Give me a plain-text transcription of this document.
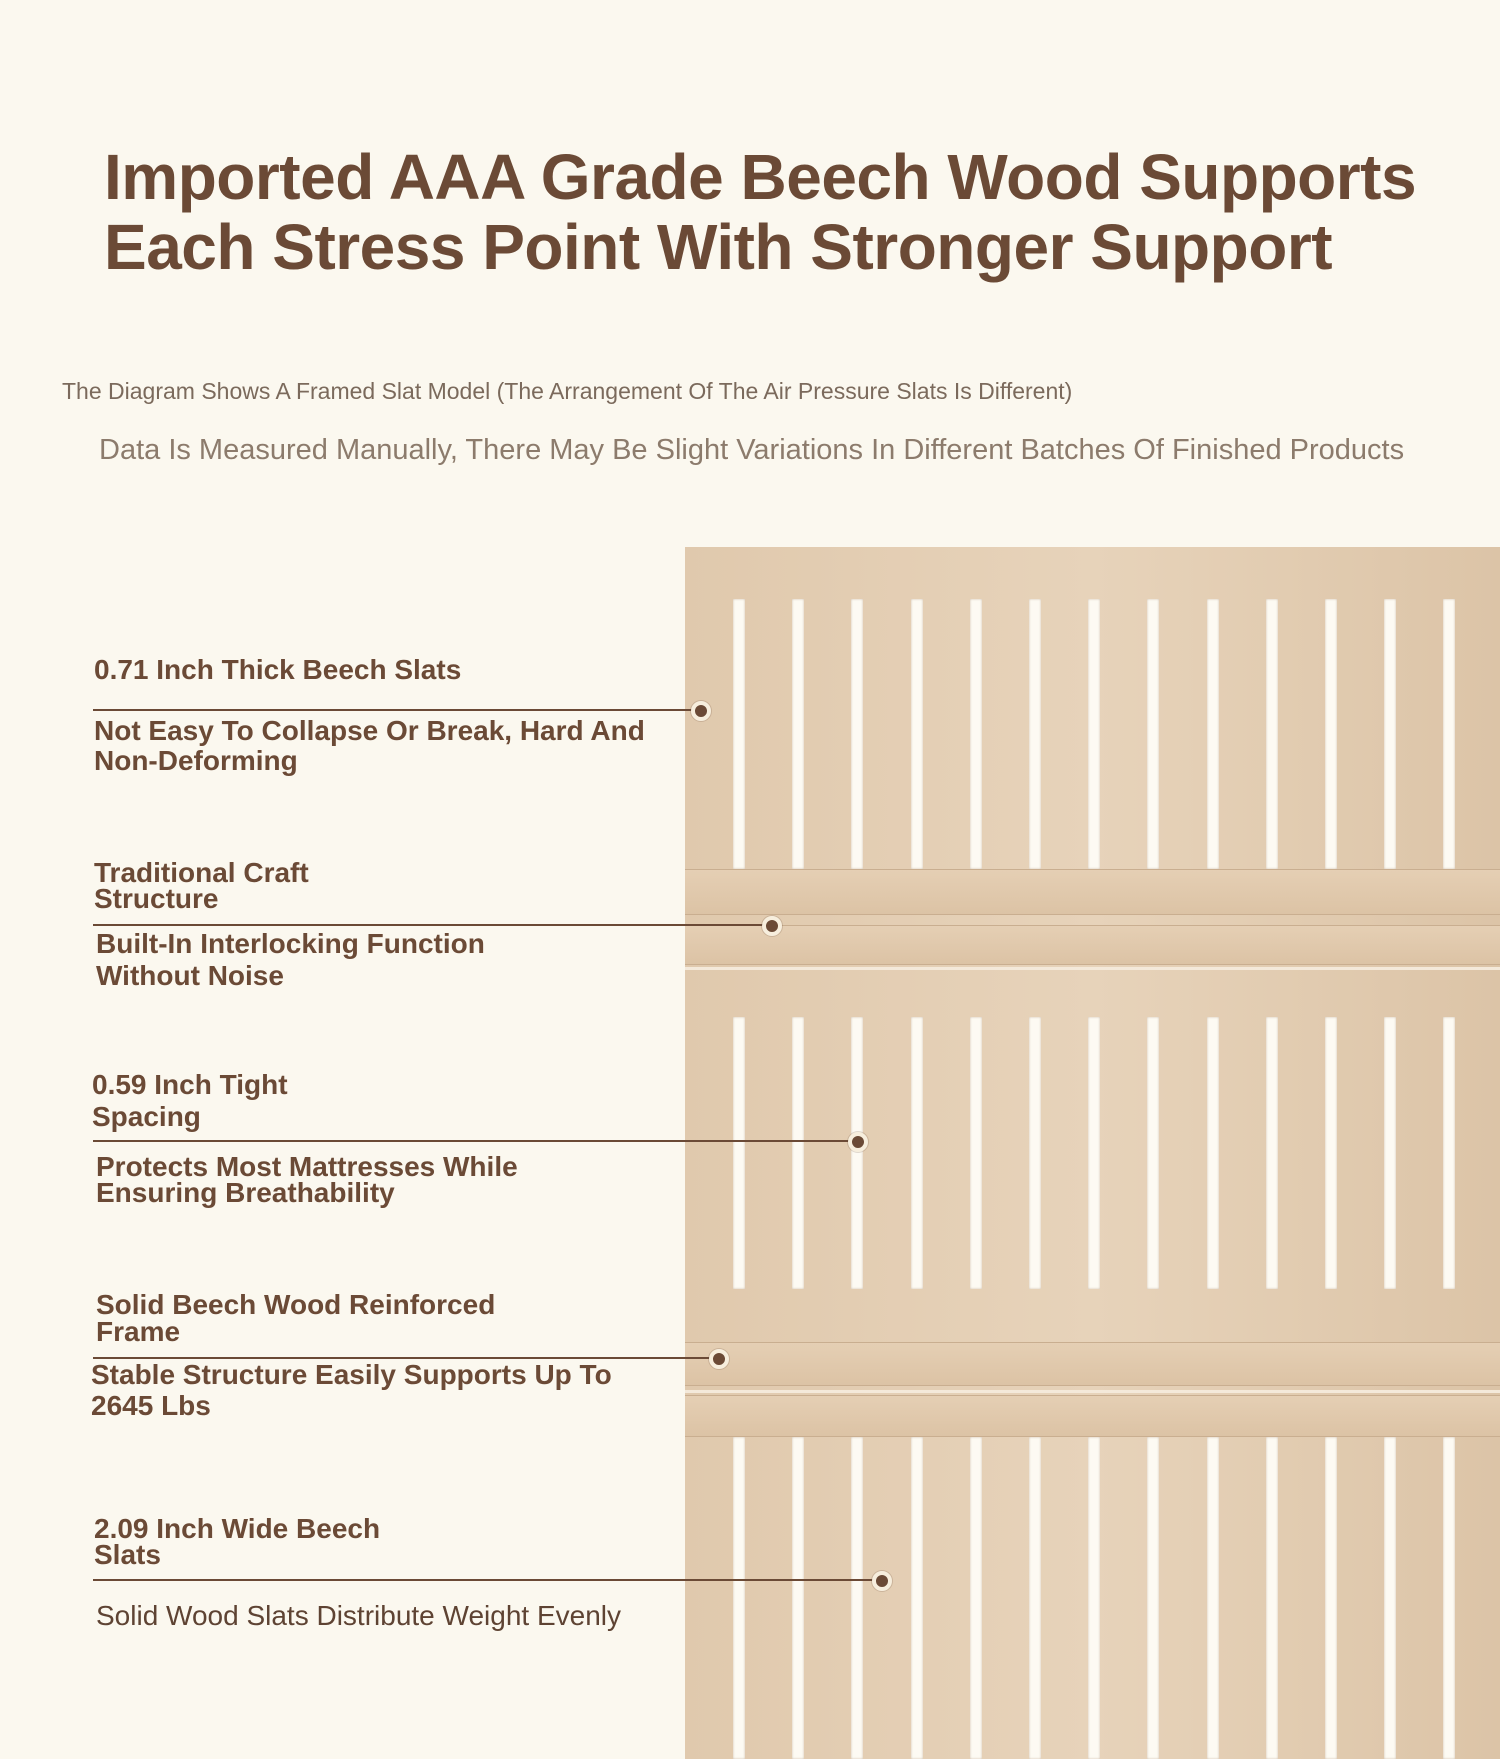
Imported AAA Grade Beech Wood Supports
Each Stress Point With Stronger Support
The Diagram Shows A Framed Slat Model (The Arrangement Of The Air Pressure Slats Is Different)
Data Is Measured Manually, There May Be Slight Variations In Different Batches Of Finished Products
0.71 Inch Thick Beech Slats
Not Easy To Collapse Or Break, Hard And
Non-Deforming
Traditional Craft
Structure
Built-In Interlocking Function
Without Noise
0.59 Inch Tight
Spacing
Protects Most Mattresses While
Ensuring Breathability
Solid Beech Wood Reinforced
Frame
Stable Structure Easily Supports Up To
2645 Lbs
2.09 Inch Wide Beech
Slats
Solid Wood Slats Distribute Weight Evenly
